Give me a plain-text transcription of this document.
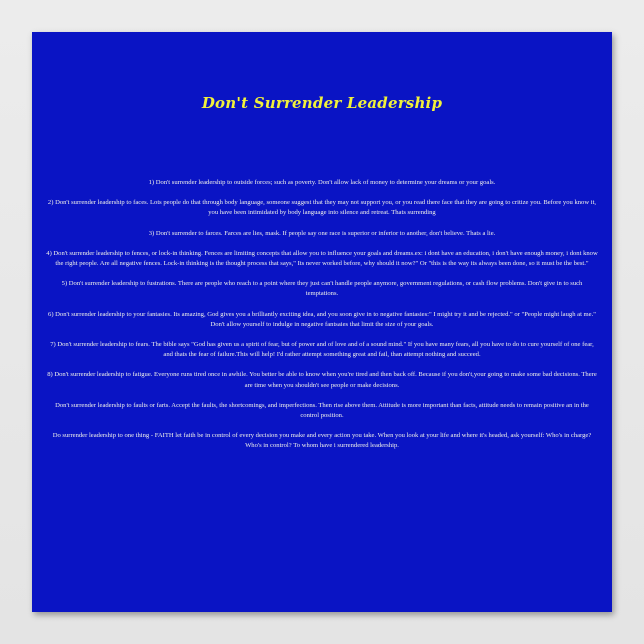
Don't Surrender Leadership

1) Don't surrender leadership to outside forces; such as poverty. Don't allow lack of money to determine your dreams or your goals.

2) Don't surrender leadership to faces. Lots people do that through body language, someone suggest that they may not support you, or you read there face that they are going to critize you. Before you know it, you have been intimidated by body language into silence and retreat. Thats surrending

3) Don't surrender to farces. Farces are lies, mask. If people say one race is superior or inferior to another, don't believe. Thats a lie.

4) Don't surrender leadership to fences, or lock-in thinking. Fences are limiting concepts that allow you to influence your goals and dreams.ex: i dont have an education, i don't have enough money, i dont know the right people. Are all negative fences. Lock-in thinking is the thought process that says," Its never worked before, why should it now?" Or "this is the way its always been done, so it must be the best."

5) Don't surrender leadership to fustrations. There are people who reach to a point where they just can't handle people anymore, government regulations, or cash flow problems. Don't give in to such temptations.

6) Don't surrender leadership to your fantasies. Its amazing, God gives you a brilliantly exciting idea, and you soon give in to negative fantasies:" I might try it and be rejected." or "People might laugh at me." Don't allow yourself to indulge in negative fantsaies that limit the size of your goals.

7) Don't surrender leadership to fears. The bible says "God has given us a spirit of fear, but of power and of love and of a sound mind." If you have many fears, all you have to do to cure yourself of one fear, and thats the fear of failure.This will help! I'd rather attempt something great and fail, than attempt nothing and succeed.

8) Don't surrender leadership to fatigue. Everyone runs tired once in awhile. You better be able to know when you're tired and then back off. Because if you don't,your going to make some bad decisions. There are time when you shouldn't see people or make decisions.

Don't surrender leadership to faults or farts. Accept the faults, the shortcomings, and imperfections. Then rise above them. Attitude is more important than facts, attitude needs to remain positive an in the control position.

Do surrender leadership to one thing - FAITH let faith be in control of every decision you make and every action you take. When you look at your life and where it's headed, ask yourself: Who's in charge? Who's in control? To whom have i surrendered leadership.
